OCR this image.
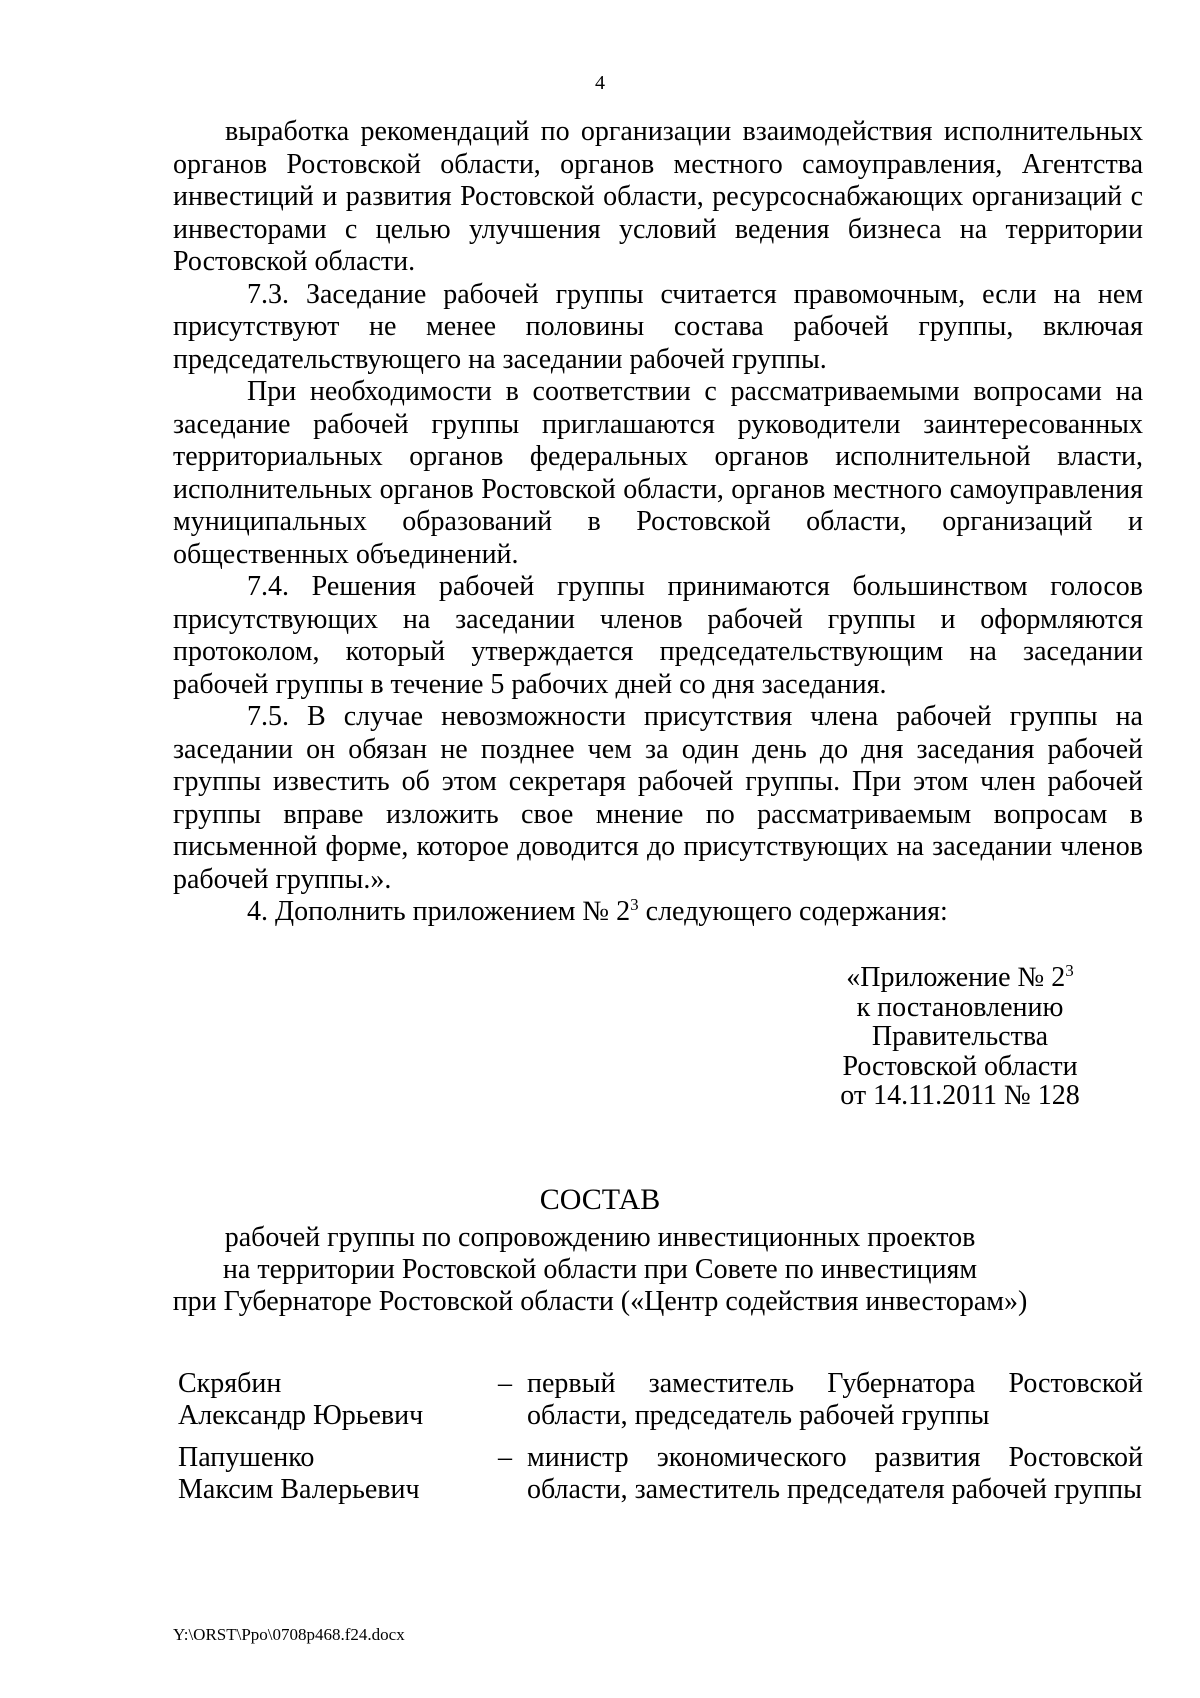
4

выработка рекомендаций по организации взаимодействия исполнительных органов Ростовской области, органов местного самоуправления, Агентства инвестиций и развития Ростовской области, ресурсоснабжающих организаций с инвесторами с целью улучшения условий ведения бизнеса на территории Ростовской области.

7.3. Заседание рабочей группы считается правомочным, если на нем присутствуют не менее половины состава рабочей группы, включая председательствующего на заседании рабочей группы.

При необходимости в соответствии с рассматриваемыми вопросами на заседание рабочей группы приглашаются руководители заинтересованных территориальных органов федеральных органов исполнительной власти, исполнительных органов Ростовской области, органов местного самоуправления муниципальных образований в Ростовской области, организаций и общественных объединений.

7.4. Решения рабочей группы принимаются большинством голосов присутствующих на заседании членов рабочей группы и оформляются протоколом, который утверждается председательствующим на заседании рабочей группы в течение 5 рабочих дней со дня заседания.

7.5. В случае невозможности присутствия члена рабочей группы на заседании он обязан не позднее чем за один день до дня заседания рабочей группы известить об этом секретаря рабочей группы. При этом член рабочей группы вправе изложить свое мнение по рассматриваемым вопросам в письменной форме, которое доводится до присутствующих на заседании членов рабочей группы.».

4. Дополнить приложением № $2^3$ следующего содержания:

«Приложение № $2^3$
к постановлению
Правительства
Ростовской области
от 14.11.2011 № 128
СОСТАВ
рабочей группы по сопровождению инвестиционных проектов
на территории Ростовской области при Совете по инвестициям
при Губернаторе Ростовской области («Центр содействия инвесторам»)
Скрябин
Александр Юрьевич
– первый заместитель Губернатора Ростовской области, председатель рабочей группы
Папушенко
Максим Валерьевич
– министр экономического развития Ростовской области, заместитель председателя рабочей группы
Y:\ORST\Ppo\0708p468.f24.docx
